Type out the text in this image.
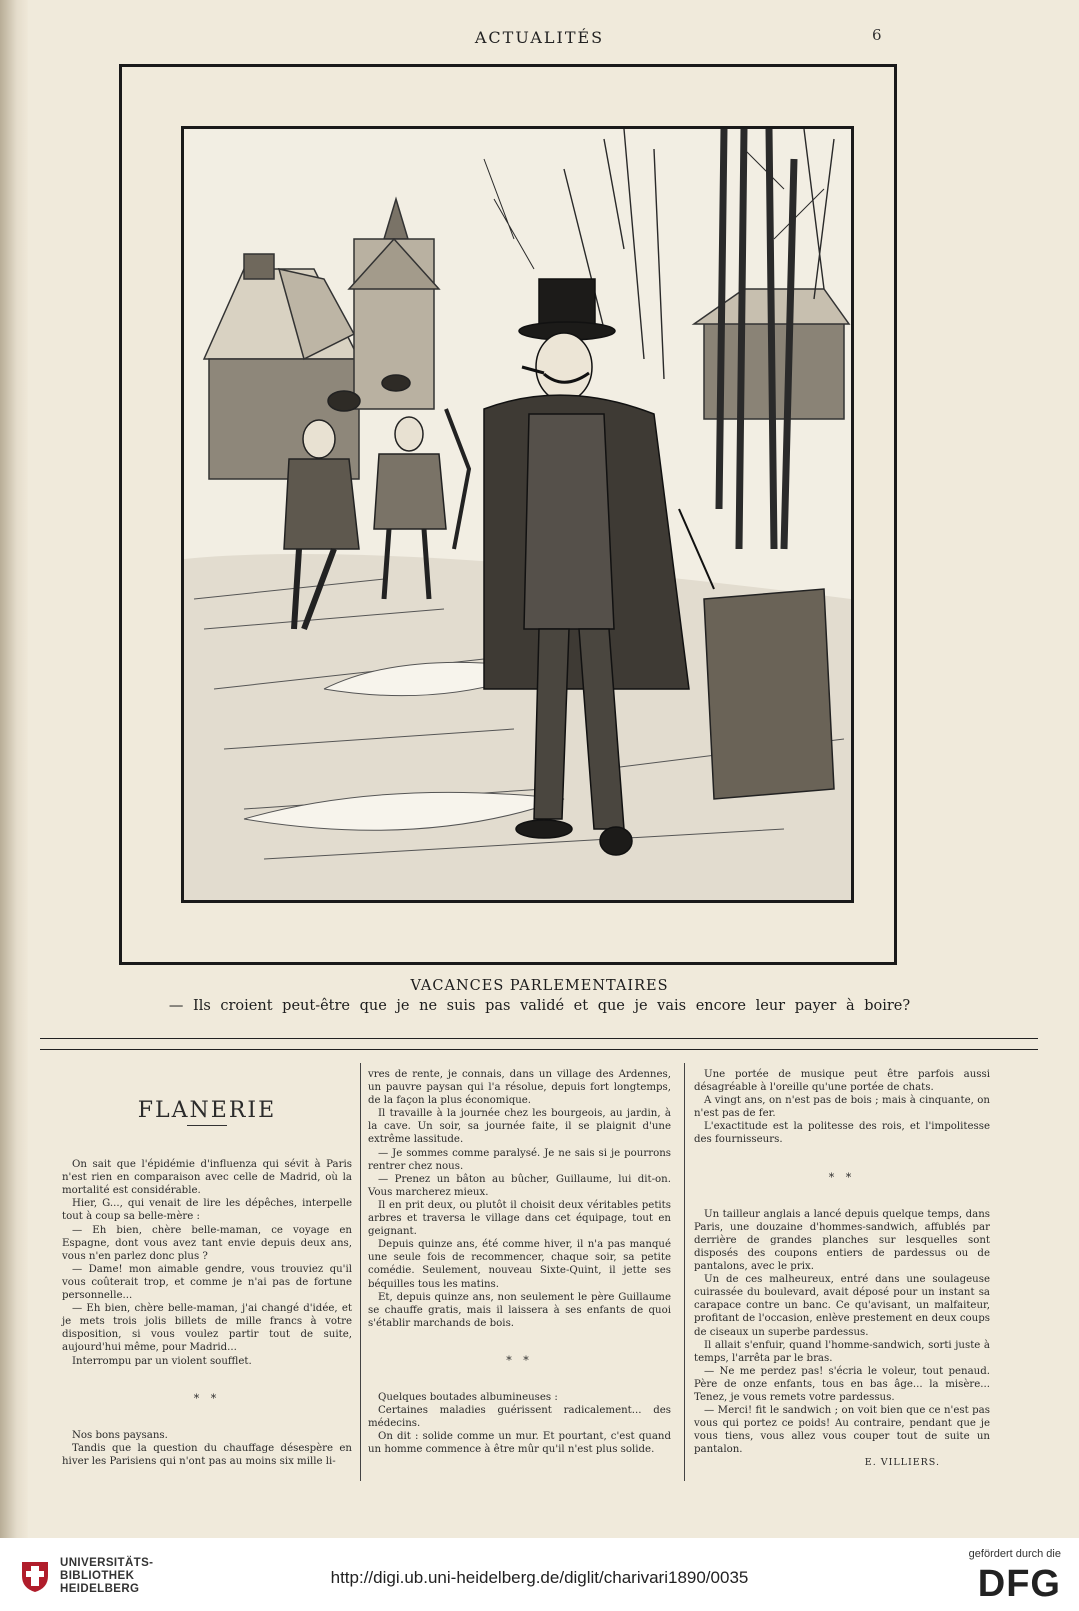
ACTUALITÉS	6
VACANCES PARLEMENTAIRES
— Ils croient peut-être que je ne suis pas validé et que je vais encore leur payer à boire?
FLANERIE

On sait que l'épidémie d'influenza qui sévit à Paris n'est rien en comparaison avec celle de Madrid, où la mortalité est considérable.

Hier, G..., qui venait de lire les dépêches, interpelle tout à coup sa belle-mère :

— Eh bien, chère belle-maman, ce voyage en Espagne, dont vous avez tant envie depuis deux ans, vous n'en parlez donc plus ?

— Dame! mon aimable gendre, vous trouviez qu'il vous coûterait trop, et comme je n'ai pas de fortune personnelle...

— Eh bien, chère belle-maman, j'ai changé d'idée, et je mets trois jolis billets de mille francs à votre disposition, si vous voulez partir tout de suite, aujourd'hui même, pour Madrid...

Interrompu par un violent soufflet.

* *

Nos bons paysans.

Tandis que la question du chauffage désespère en hiver les Parisiens qui n'ont pas au moins six mille li-

vres de rente, je connais, dans un village des Ardennes, un pauvre paysan qui l'a résolue, depuis fort longtemps, de la façon la plus économique.

Il travaille à la journée chez les bourgeois, au jardin, à la cave. Un soir, sa journée faite, il se plaignit d'une extrême lassitude.

— Je sommes comme paralysé. Je ne sais si je pourrons rentrer chez nous.

— Prenez un bâton au bûcher, Guillaume, lui dit-on. Vous marcherez mieux.

Il en prit deux, ou plutôt il choisit deux véritables petits arbres et traversa le village dans cet équipage, tout en geignant.

Depuis quinze ans, été comme hiver, il n'a pas manqué une seule fois de recommencer, chaque soir, sa petite comédie. Seulement, nouveau Sixte-Quint, il jette ses béquilles tous les matins.

Et, depuis quinze ans, non seulement le père Guillaume se chauffe gratis, mais il laissera à ses enfants de quoi s'établir marchands de bois.

* *

Quelques boutades albumineuses :

Certaines maladies guérissent radicalement... des médecins.

On dit : solide comme un mur. Et pourtant, c'est quand un homme commence à être mûr qu'il n'est plus solide.

Une portée de musique peut être parfois aussi désagréable à l'oreille qu'une portée de chats.

A vingt ans, on n'est pas de bois ; mais à cinquante, on n'est pas de fer.

L'exactitude est la politesse des rois, et l'impolitesse des fournisseurs.

* *

Un tailleur anglais a lancé depuis quelque temps, dans Paris, une douzaine d'hommes-sandwich, affublés par derrière de grandes planches sur lesquelles sont disposés des coupons entiers de pardessus ou de pantalons, avec le prix.

Un de ces malheureux, entré dans une soulageuse cuirassée du boulevard, avait déposé pour un instant sa carapace contre un banc. Ce qu'avisant, un malfaiteur, profitant de l'occasion, enlève prestement en deux coups de ciseaux un superbe pardessus.

Il allait s'enfuir, quand l'homme-sandwich, sorti juste à temps, l'arrêta par le bras.

— Ne me perdez pas! s'écria le voleur, tout penaud. Père de onze enfants, tous en bas âge... la misère... Tenez, je vous remets votre pardessus.

— Merci! fit le sandwich ; on voit bien que ce n'est pas vous qui portez ce poids! Au contraire, pendant que je vous tiens, vous allez vous couper tout de suite un pantalon.

E. VILLIERS.

UNIVERSITÄTS-
BIBLIOTHEK
HEIDELBERG
http://digi.ub.uni-heidelberg.de/diglit/charivari1890/0035
gefördert durch die
DFG
